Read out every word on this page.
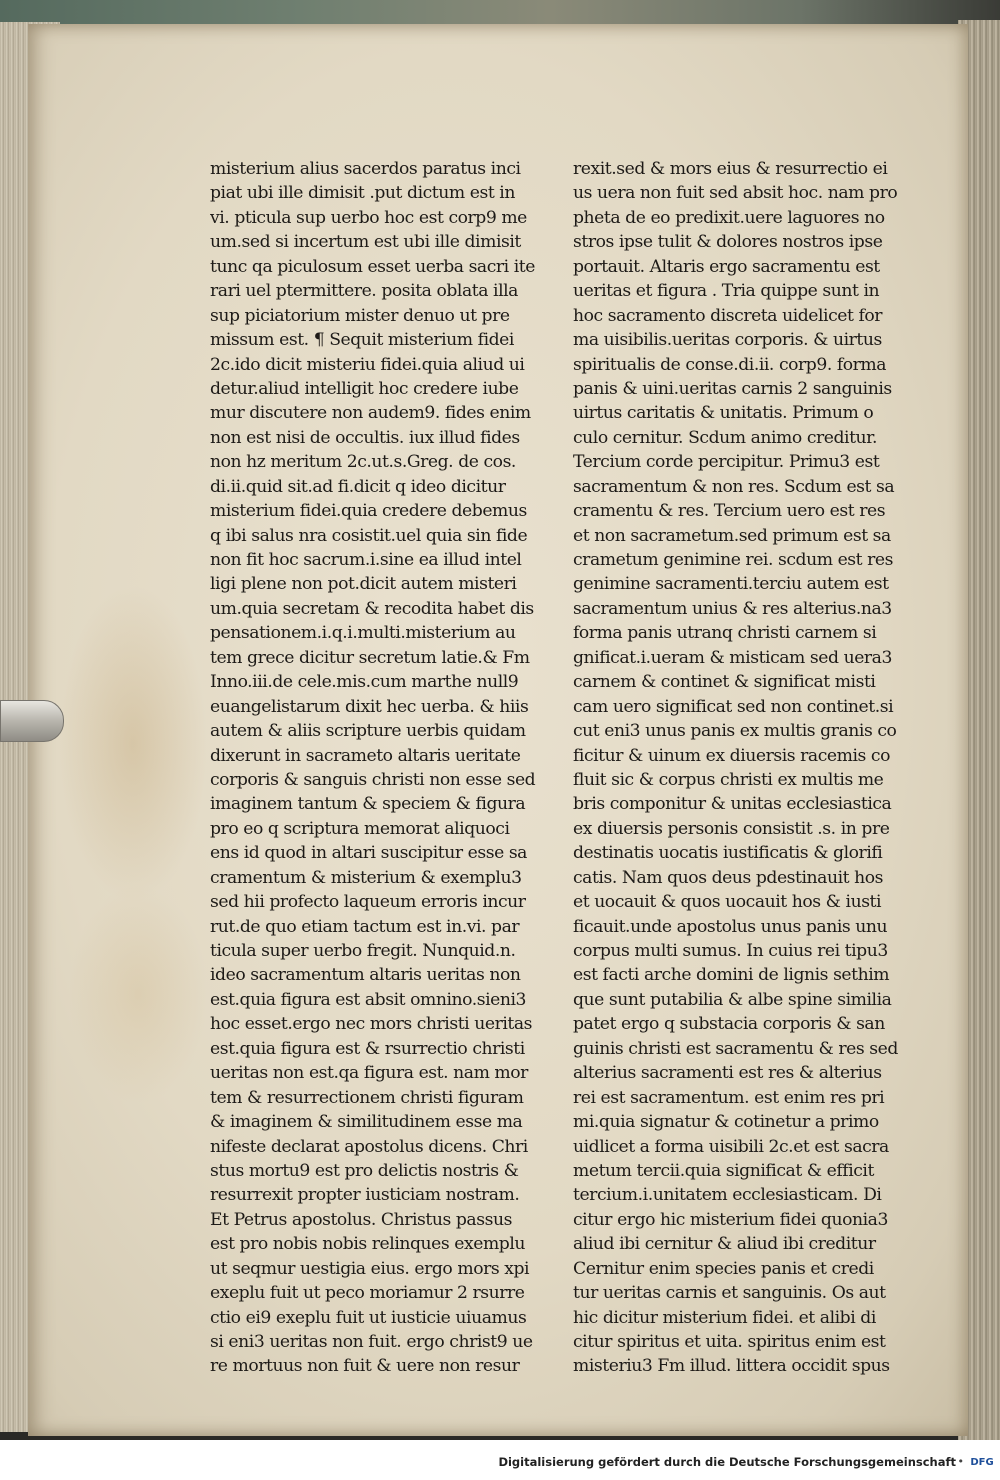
misterium alius sacerdos paratus inci
piat ubi ille dimisit .put dictum est in
vi. pticula sup uerbo hoc est corp9 me
um.sed si incertum est ubi ille dimisit
tunc qa piculosum esset uerba sacri ite
rari uel ptermittere. posita oblata illa
sup piciatorium mister denuo ut pre
missum est. ¶ Sequit misterium fidei
2c.ido dicit misteriu fidei.quia aliud ui
detur.aliud intelligit hoc credere iube
mur discutere non audem9. fides enim
non est nisi de occultis. iux illud fides
non hz meritum 2c.ut.s.Greg. de cos.
di.ii.quid sit.ad fi.dicit q ideo dicitur
misterium fidei.quia credere debemus
q ibi salus nra cosistit.uel quia sin fide
non fit hoc sacrum.i.sine ea illud intel
ligi plene non pot.dicit autem misteri
um.quia secretam & recodita habet dis
pensationem.i.q.i.multi.misterium au
tem grece dicitur secretum latie.& Fm
Inno.iii.de cele.mis.cum marthe null9
euangelistarum dixit hec uerba. & hiis
autem & aliis scripture uerbis quidam
dixerunt in sacrameto altaris ueritate
corporis & sanguis christi non esse sed
imaginem tantum & speciem & figura
pro eo q scriptura memorat aliquoci
ens id quod in altari suscipitur esse sa
cramentum & misterium & exemplu3
sed hii profecto laqueum erroris incur
rut.de quo etiam tactum est in.vi. par
ticula super uerbo fregit. Nunquid.n.
ideo sacramentum altaris ueritas non
est.quia figura est absit omnino.sieni3
hoc esset.ergo nec mors christi ueritas
est.quia figura est & rsurrectio christi
ueritas non est.qa figura est. nam mor
tem & resurrectionem christi figuram
& imaginem & similitudinem esse ma
nifeste declarat apostolus dicens. Chri
stus mortu9 est pro delictis nostris &
resurrexit propter iusticiam nostram.
Et Petrus apostolus. Christus passus
est pro nobis nobis relinques exemplu
ut seqmur uestigia eius. ergo mors xpi
exeplu fuit ut peco moriamur 2 rsurre
ctio ei9 exeplu fuit ut iusticie uiuamus
si eni3 ueritas non fuit. ergo christ9 ue
re mortuus non fuit & uere non resur
rexit.sed & mors eius & resurrectio ei
us uera non fuit sed absit hoc. nam pro
pheta de eo predixit.uere laguores no
stros ipse tulit & dolores nostros ipse
portauit. Altaris ergo sacramentu est
ueritas et figura . Tria quippe sunt in
hoc sacramento discreta uidelicet for
ma uisibilis.ueritas corporis. & uirtus
spiritualis de conse.di.ii. corp9. forma
panis & uini.ueritas carnis 2 sanguinis
uirtus caritatis & unitatis. Primum o
culo cernitur. Scdum animo creditur.
Tercium corde percipitur. Primu3 est
sacramentum & non res. Scdum est sa
cramentu & res. Tercium uero est res
et non sacrametum.sed primum est sa
crametum genimine rei. scdum est res
genimine sacramenti.terciu autem est
sacramentum unius & res alterius.na3
forma panis utranq christi carnem si
gnificat.i.ueram & misticam sed uera3
carnem & continet & significat misti
cam uero significat sed non continet.si
cut eni3 unus panis ex multis granis co
ficitur & uinum ex diuersis racemis co
fluit sic & corpus christi ex multis me
bris componitur & unitas ecclesiastica
ex diuersis personis consistit .s. in pre
destinatis uocatis iustificatis & glorifi
catis. Nam quos deus pdestinauit hos
et uocauit & quos uocauit hos & iusti
ficauit.unde apostolus unus panis unu
corpus multi sumus. In cuius rei tipu3
est facti arche domini de lignis sethim
que sunt putabilia & albe spine similia
patet ergo q substacia corporis & san
guinis christi est sacramentu & res sed
alterius sacramenti est res & alterius
rei est sacramentum. est enim res pri
mi.quia signatur & cotinetur a primo
uidlicet a forma uisibili 2c.et est sacra
metum tercii.quia significat & efficit
tercium.i.unitatem ecclesiasticam. Di
citur ergo hic misterium fidei quonia3
aliud ibi cernitur & aliud ibi creditur
Cernitur enim species panis et credi
tur ueritas carnis et sanguinis. Os aut
hic dicitur misterium fidei. et alibi di
citur spiritus et uita. spiritus enim est
misteriu3 Fm illud. littera occidit spus
Digitalisierung gefördert durch die Deutsche Forschungsgemeinschaft • DFG
